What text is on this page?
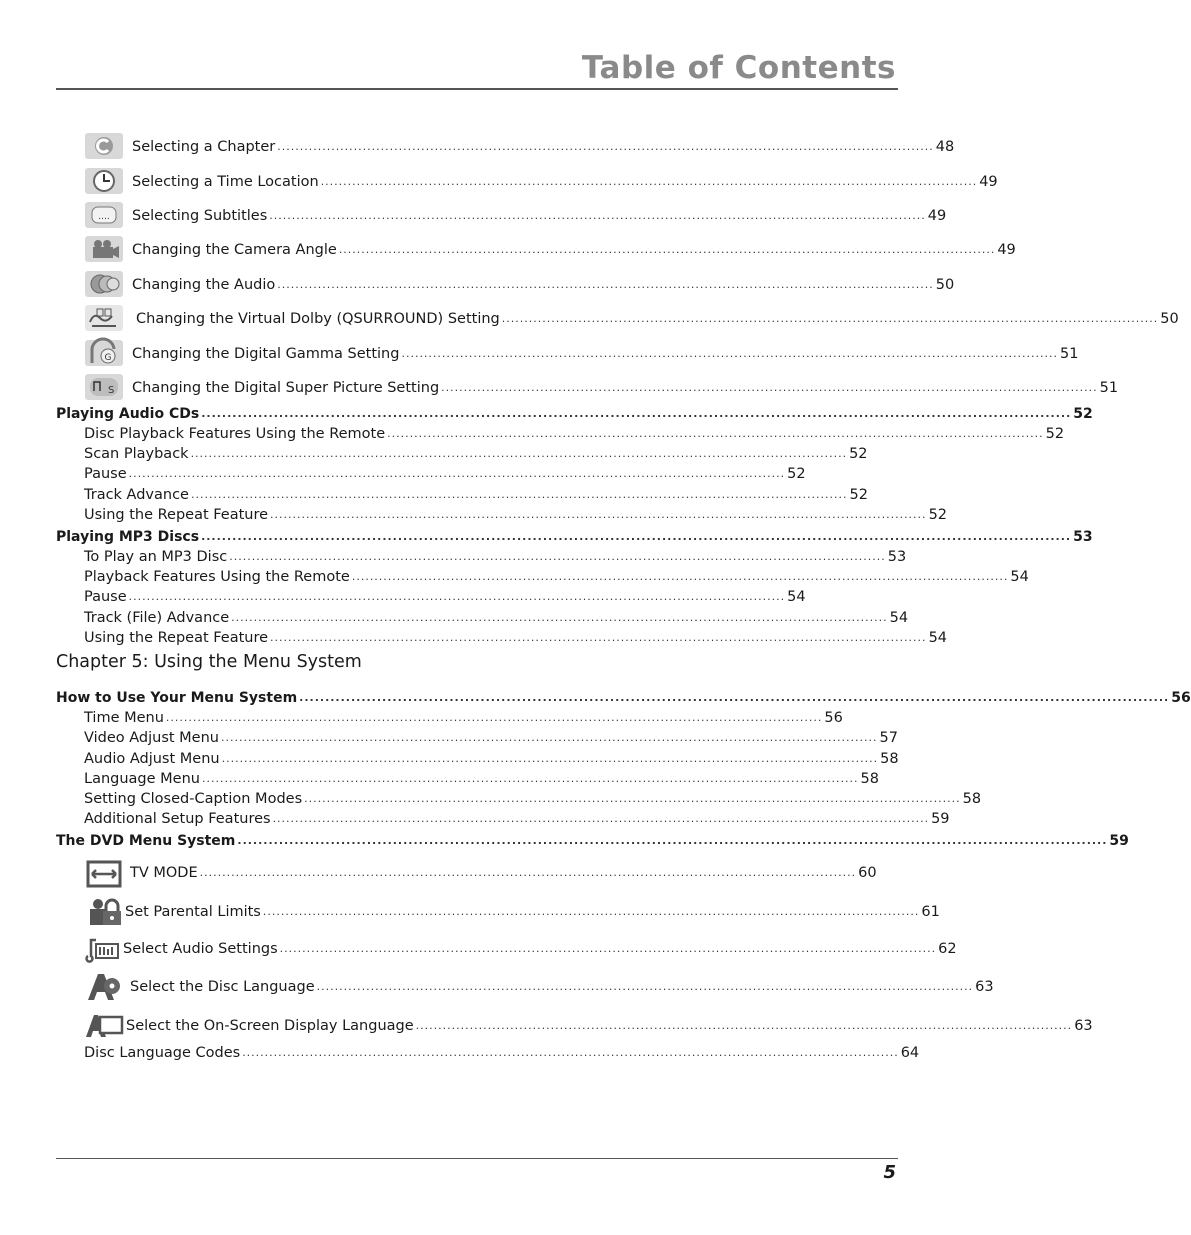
Table of Contents
....
G
S
Selecting a Chapter .................................................................................................................................................. 48
Selecting a Time Location .................................................................................................................................................. 49
Selecting Subtitles .................................................................................................................................................. 49
Changing the Camera Angle .................................................................................................................................................. 49
Changing the Audio .................................................................................................................................................. 50
Changing the Virtual Dolby (QSURROUND) Setting .................................................................................................................................................. 50
Changing the Digital Gamma Setting .................................................................................................................................................. 51
Changing the Digital Super Picture Setting .................................................................................................................................................. 51
Playing Audio CDs ........................................................................................................................................................................ 52
Disc Playback Features Using the Remote .................................................................................................................................................. 52
Scan Playback .................................................................................................................................................. 52
Pause .................................................................................................................................................. 52
Track Advance .................................................................................................................................................. 52
Using the Repeat Feature .................................................................................................................................................. 52
Playing MP3 Discs ........................................................................................................................................................................ 53
To Play an MP3 Disc .................................................................................................................................................. 53
Playback Features Using the Remote .................................................................................................................................................. 54
Pause .................................................................................................................................................. 54
Track (File) Advance .................................................................................................................................................. 54
Using the Repeat Feature .................................................................................................................................................. 54
Chapter 5: Using the Menu System
How to Use Your Menu System ........................................................................................................................................................................ 56
Time Menu .................................................................................................................................................. 56
Video Adjust Menu .................................................................................................................................................. 57
Audio Adjust Menu .................................................................................................................................................. 58
Language Menu .................................................................................................................................................. 58
Setting Closed-Caption Modes .................................................................................................................................................. 58
Additional Setup Features .................................................................................................................................................. 59
The DVD Menu System ........................................................................................................................................................................ 59
TV MODE .................................................................................................................................................. 60
Set Parental Limits .................................................................................................................................................. 61
Select Audio Settings .................................................................................................................................................. 62
Select the Disc Language .................................................................................................................................................. 63
Select the On-Screen Display Language .................................................................................................................................................. 63
Disc Language Codes .................................................................................................................................................. 64
5
